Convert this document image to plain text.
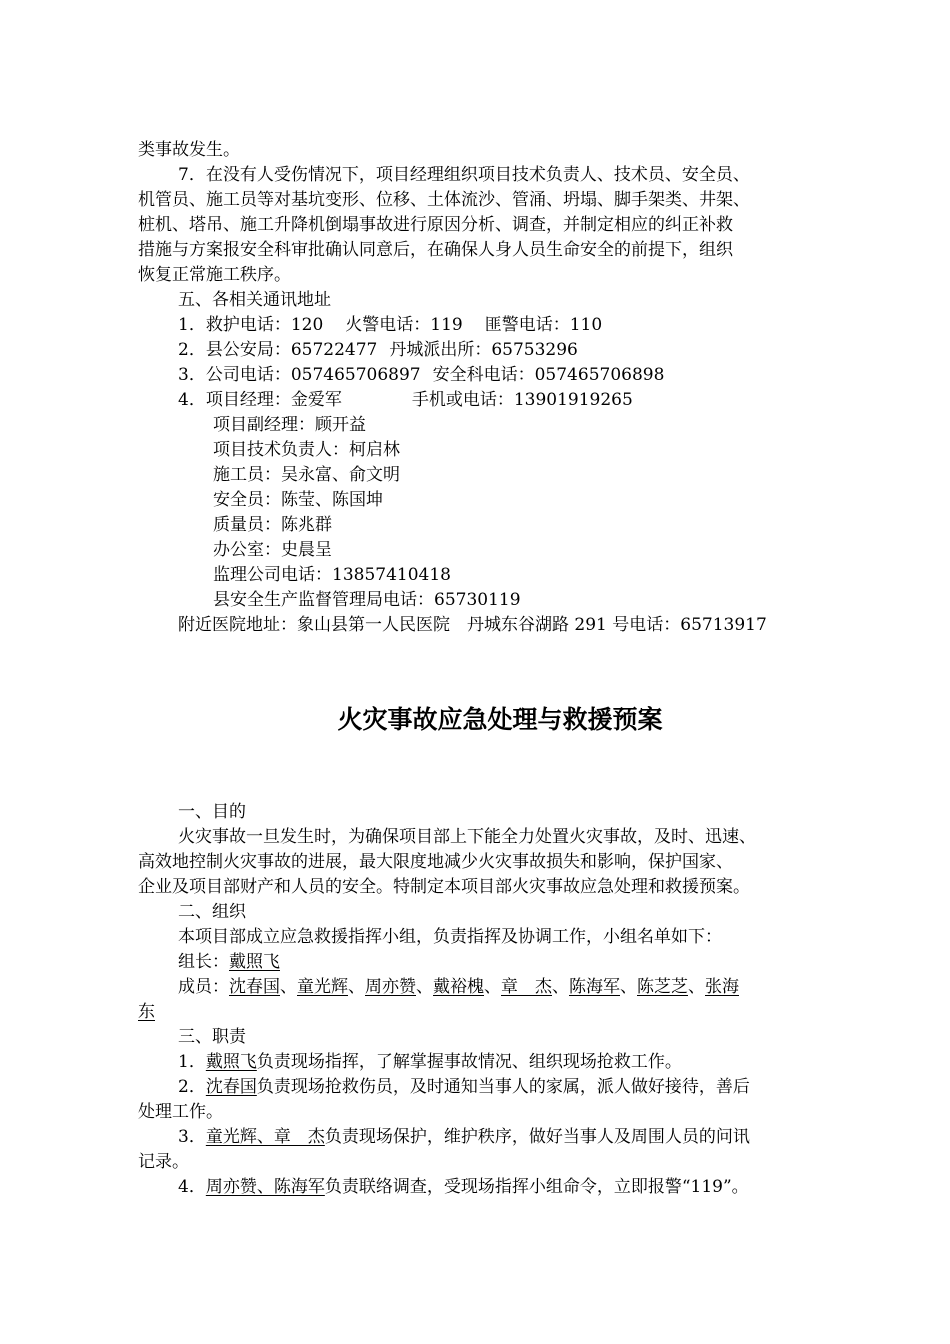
类事故发生。
7．在没有人受伤情况下，项目经理组织项目技术负责人、技术员、安全员、
机管员、施工员等对基坑变形、位移、土体流沙、管涌、坍塌、脚手架类、井架、
桩机、塔吊、施工升降机倒塌事故进行原因分析、调查，并制定相应的纠正补救
措施与方案报安全科审批确认同意后，在确保人身人员生命安全的前提下，组织
恢复正常施工秩序。
五、各相关通讯地址
1．救护电话：120 火警电话：119 匪警电话：110
2．县公安局：65722477 丹城派出所：65753296
3．公司电话：057465706897 安全科电话：057465706898
4．项目经理：金爱军	手机或电话：13901919265
项目副经理：顾开益
项目技术负责人：柯启林
施工员：吴永富、俞文明
安全员：陈莹、陈国坤
质量员：陈兆群
办公室：史晨呈
监理公司电话：13857410418
县安全生产监督管理局电话：65730119
附近医院地址：象山县第一人民医院　丹城东谷湖路 291 号电话：65713917
火灾事故应急处理与救援预案
一、目的
火灾事故一旦发生时，为确保项目部上下能全力处置火灾事故，及时、迅速、
高效地控制火灾事故的进展，最大限度地减少火灾事故损失和影响，保护国家、
企业及项目部财产和人员的安全。特制定本项目部火灾事故应急处理和救援预案。
二、组织
本项目部成立应急救援指挥小组，负责指挥及协调工作，小组名单如下：
组长：戴照飞
成员：沈春国、童光辉、周亦赞、戴裕槐、章　杰、陈海军、陈芝芝、张海
东
三、职责
1．戴照飞负责现场指挥，了解掌握事故情况、组织现场抢救工作。
2．沈春国负责现场抢救伤员，及时通知当事人的家属，派人做好接待，善后
处理工作。
3．童光辉、章　杰负责现场保护，维护秩序，做好当事人及周围人员的问讯
记录。
4．周亦赞、陈海军负责联络调查，受现场指挥小组命令，立即报警“119”。
